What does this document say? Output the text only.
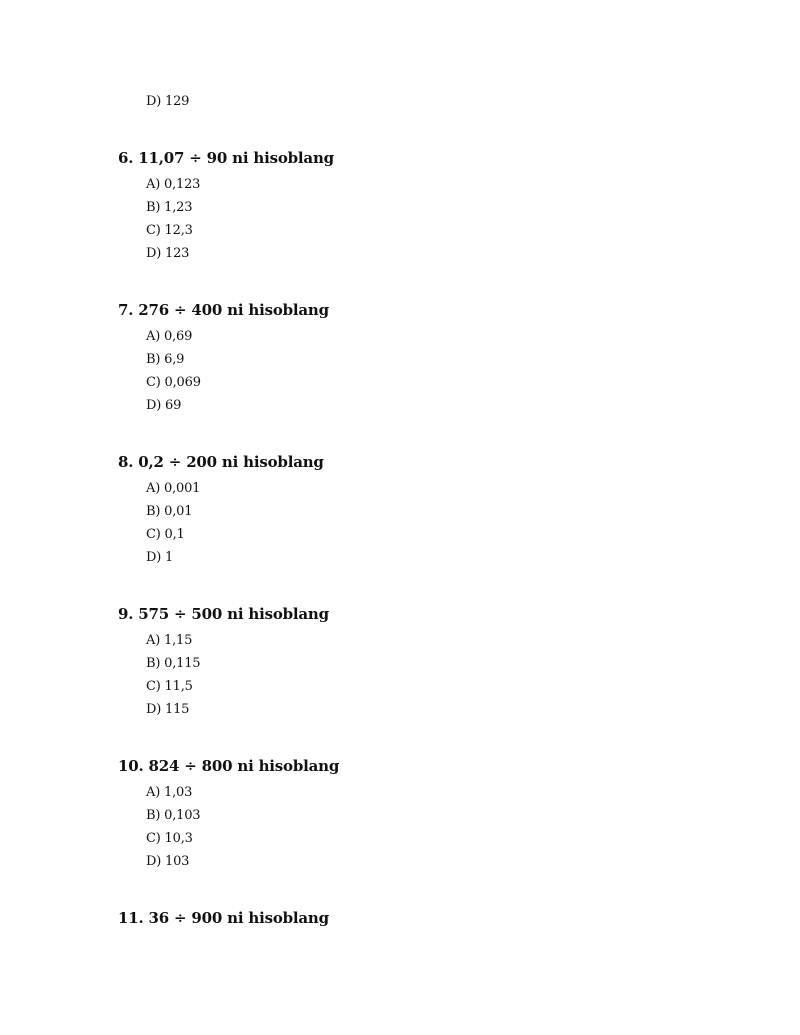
D) 129
6. 11,07 ÷ 90 ni hisoblang
A) 0,123
B) 1,23
C) 12,3
D) 123
7. 276 ÷ 400 ni hisoblang
A) 0,69
B) 6,9
C) 0,069
D) 69
8. 0,2 ÷ 200 ni hisoblang
A) 0,001
B) 0,01
C) 0,1
D) 1
9. 575 ÷ 500 ni hisoblang
A) 1,15
B) 0,115
C) 11,5
D) 115
10. 824 ÷ 800 ni hisoblang
A) 1,03
B) 0,103
C) 10,3
D) 103
11. 36 ÷ 900 ni hisoblang
